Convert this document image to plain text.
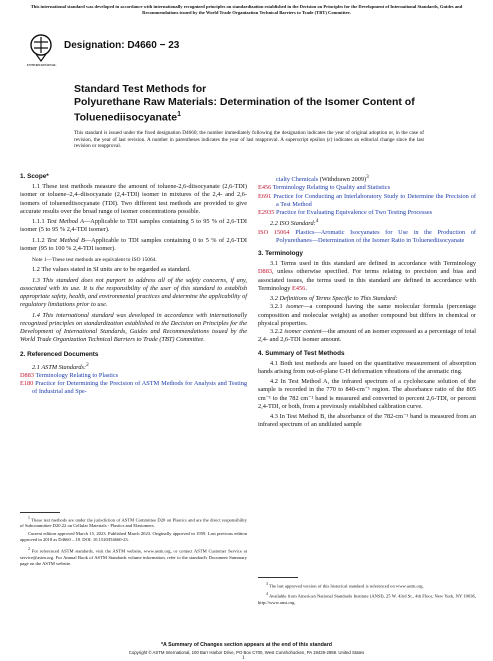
This international standard was developed in accordance with internationally recognized principles on standardization established in the Decision on Principles for the Development of International Standards, Guides and Recommendations issued by the World Trade Organization Technical Barriers to Trade (TBT) Committee.
INTERNATIONAL
Designation: D4660 − 23
Standard Test Methods for
Polyurethane Raw Materials: Determination of the Isomer Content of Toluenediisocyanate$^1$
This standard is issued under the fixed designation D4660; the number immediately following the designation indicates the year of original adoption or, in the case of revision, the year of last revision. A number in parentheses indicates the year of last reapproval. A superscript epsilon (ε) indicates an editorial change since the last revision or reapproval.
1. Scope*

1.1 These test methods measure the amount of toluene-2,6-diisocyanate (2,6-TDI) isomer or toluene–2,4–diisocyanate (2,4-TDI) isomer in mixtures of the 2,4- and 2,6-isomers of toluenediisocyanate (TDI). Two different test methods are provided to give accurate results over the broad range of isomer concentrations possible.

1.1.1 Test Method A—Applicable to TDI samples containing 5 to 95 % of 2,6-TDI isomer (5 to 95 % 2,4-TDI isomer).

1.1.2 Test Method B—Applicable to TDI samples containing 0 to 5 % of 2,6-TDI isomer (95 to 100 % 2,4-TDI isomer).

Note 1—These test methods are equivalent to ISO 15064.

1.2 The values stated in SI units are to be regarded as standard.

1.3 This standard does not purport to address all of the safety concerns, if any, associated with its use. It is the responsibility of the user of this standard to establish appropriate safety, health, and environmental practices and determine the applicability of regulatory limitations prior to use.

1.4 This international standard was developed in accordance with internationally recognized principles on standardization established in the Decision on Principles for the Development of International Standards, Guides and Recommendations issued by the World Trade Organization Technical Barriers to Trade (TBT) Committee.

2. Referenced Documents

2.1 ASTM Standards:$^2$

D883 Terminology Relating to Plastics

E180 Practice for Determining the Precision of ASTM Methods for Analysis and Testing of Industrial and Spe-

cialty Chemicals (Withdrawn 2009)$^3$

E456 Terminology Relating to Quality and Statistics

E691 Practice for Conducting an Interlaboratory Study to Determine the Precision of a Test Method

E2935 Practice for Evaluating Equivalence of Two Testing Processes

2.2 ISO Standard:$^4$

ISO 15064 Plastics—Aromatic Isocyanates for Use in the Production of Polyurethanes—Determination of the Isomer Ratio in Toluenediisocyanate

3. Terminology

3.1 Terms used in this standard are defined in accordance with Terminology D883, unless otherwise specified. For terms relating to precision and bias and associated issues, the terms used in this standard are defined in accordance with Terminology E456.

3.2 Definitions of Terms Specific to This Standard:

3.2.1 isomer—a compound having the same molecular formula (percentage composition and molecular weight) as another compound but differs in chemical or physical properties.

3.2.2 isomer content—the amount of an isomer expressed as a percentage of total 2,4- and 2,6-TDI isomer amount.

4. Summary of Test Methods

4.1 Both test methods are based on the quantitative measurement of absorption bands arising from out-of-plane C-H deformation vibrations of the aromatic ring.

4.2 In Test Method A, the infrared spectrum of a cyclohexane solution of the sample is recorded in the 770 to 840-cm⁻¹ region. The absorbance ratio of the 805 cm⁻¹ to the 782 cm⁻¹ band is measured and converted to percent 2,6-TDI, or percent 2,4-TDI, or both, from a previously established calibration curve.

4.3 In Test Method B, the absorbance of the 782-cm⁻¹ band is measured from an infrared spectrum of an undiluted sample

$^1$ These test methods are under the jurisdiction of ASTM Committee D20 on Plastics and are the direct responsibility of Subcommittee D20.22 on Cellular Materials - Plastics and Elastomers.

Current edition approved March 15, 2023. Published March 2023. Originally approved in 1959. Last previous edition approved in 2018 as D4660 – 18. DOI: 10.1520/D4660-23.

$^2$ For referenced ASTM standards, visit the ASTM website, www.astm.org, or contact ASTM Customer Service at service@astm.org. For Annual Book of ASTM Standards volume information, refer to the standard's Document Summary page on the ASTM website.

$^3$ The last approved version of this historical standard is referenced on www.astm.org.

$^4$ Available from American National Standards Institute (ANSI), 25 W. 43rd St., 4th Floor, New York, NY 10036, http://www.ansi.org.

*A Summary of Changes section appears at the end of this standard
Copyright © ASTM International, 100 Barr Harbor Drive, PO Box C700, West Conshohocken, PA 19428-2959. United States
1
